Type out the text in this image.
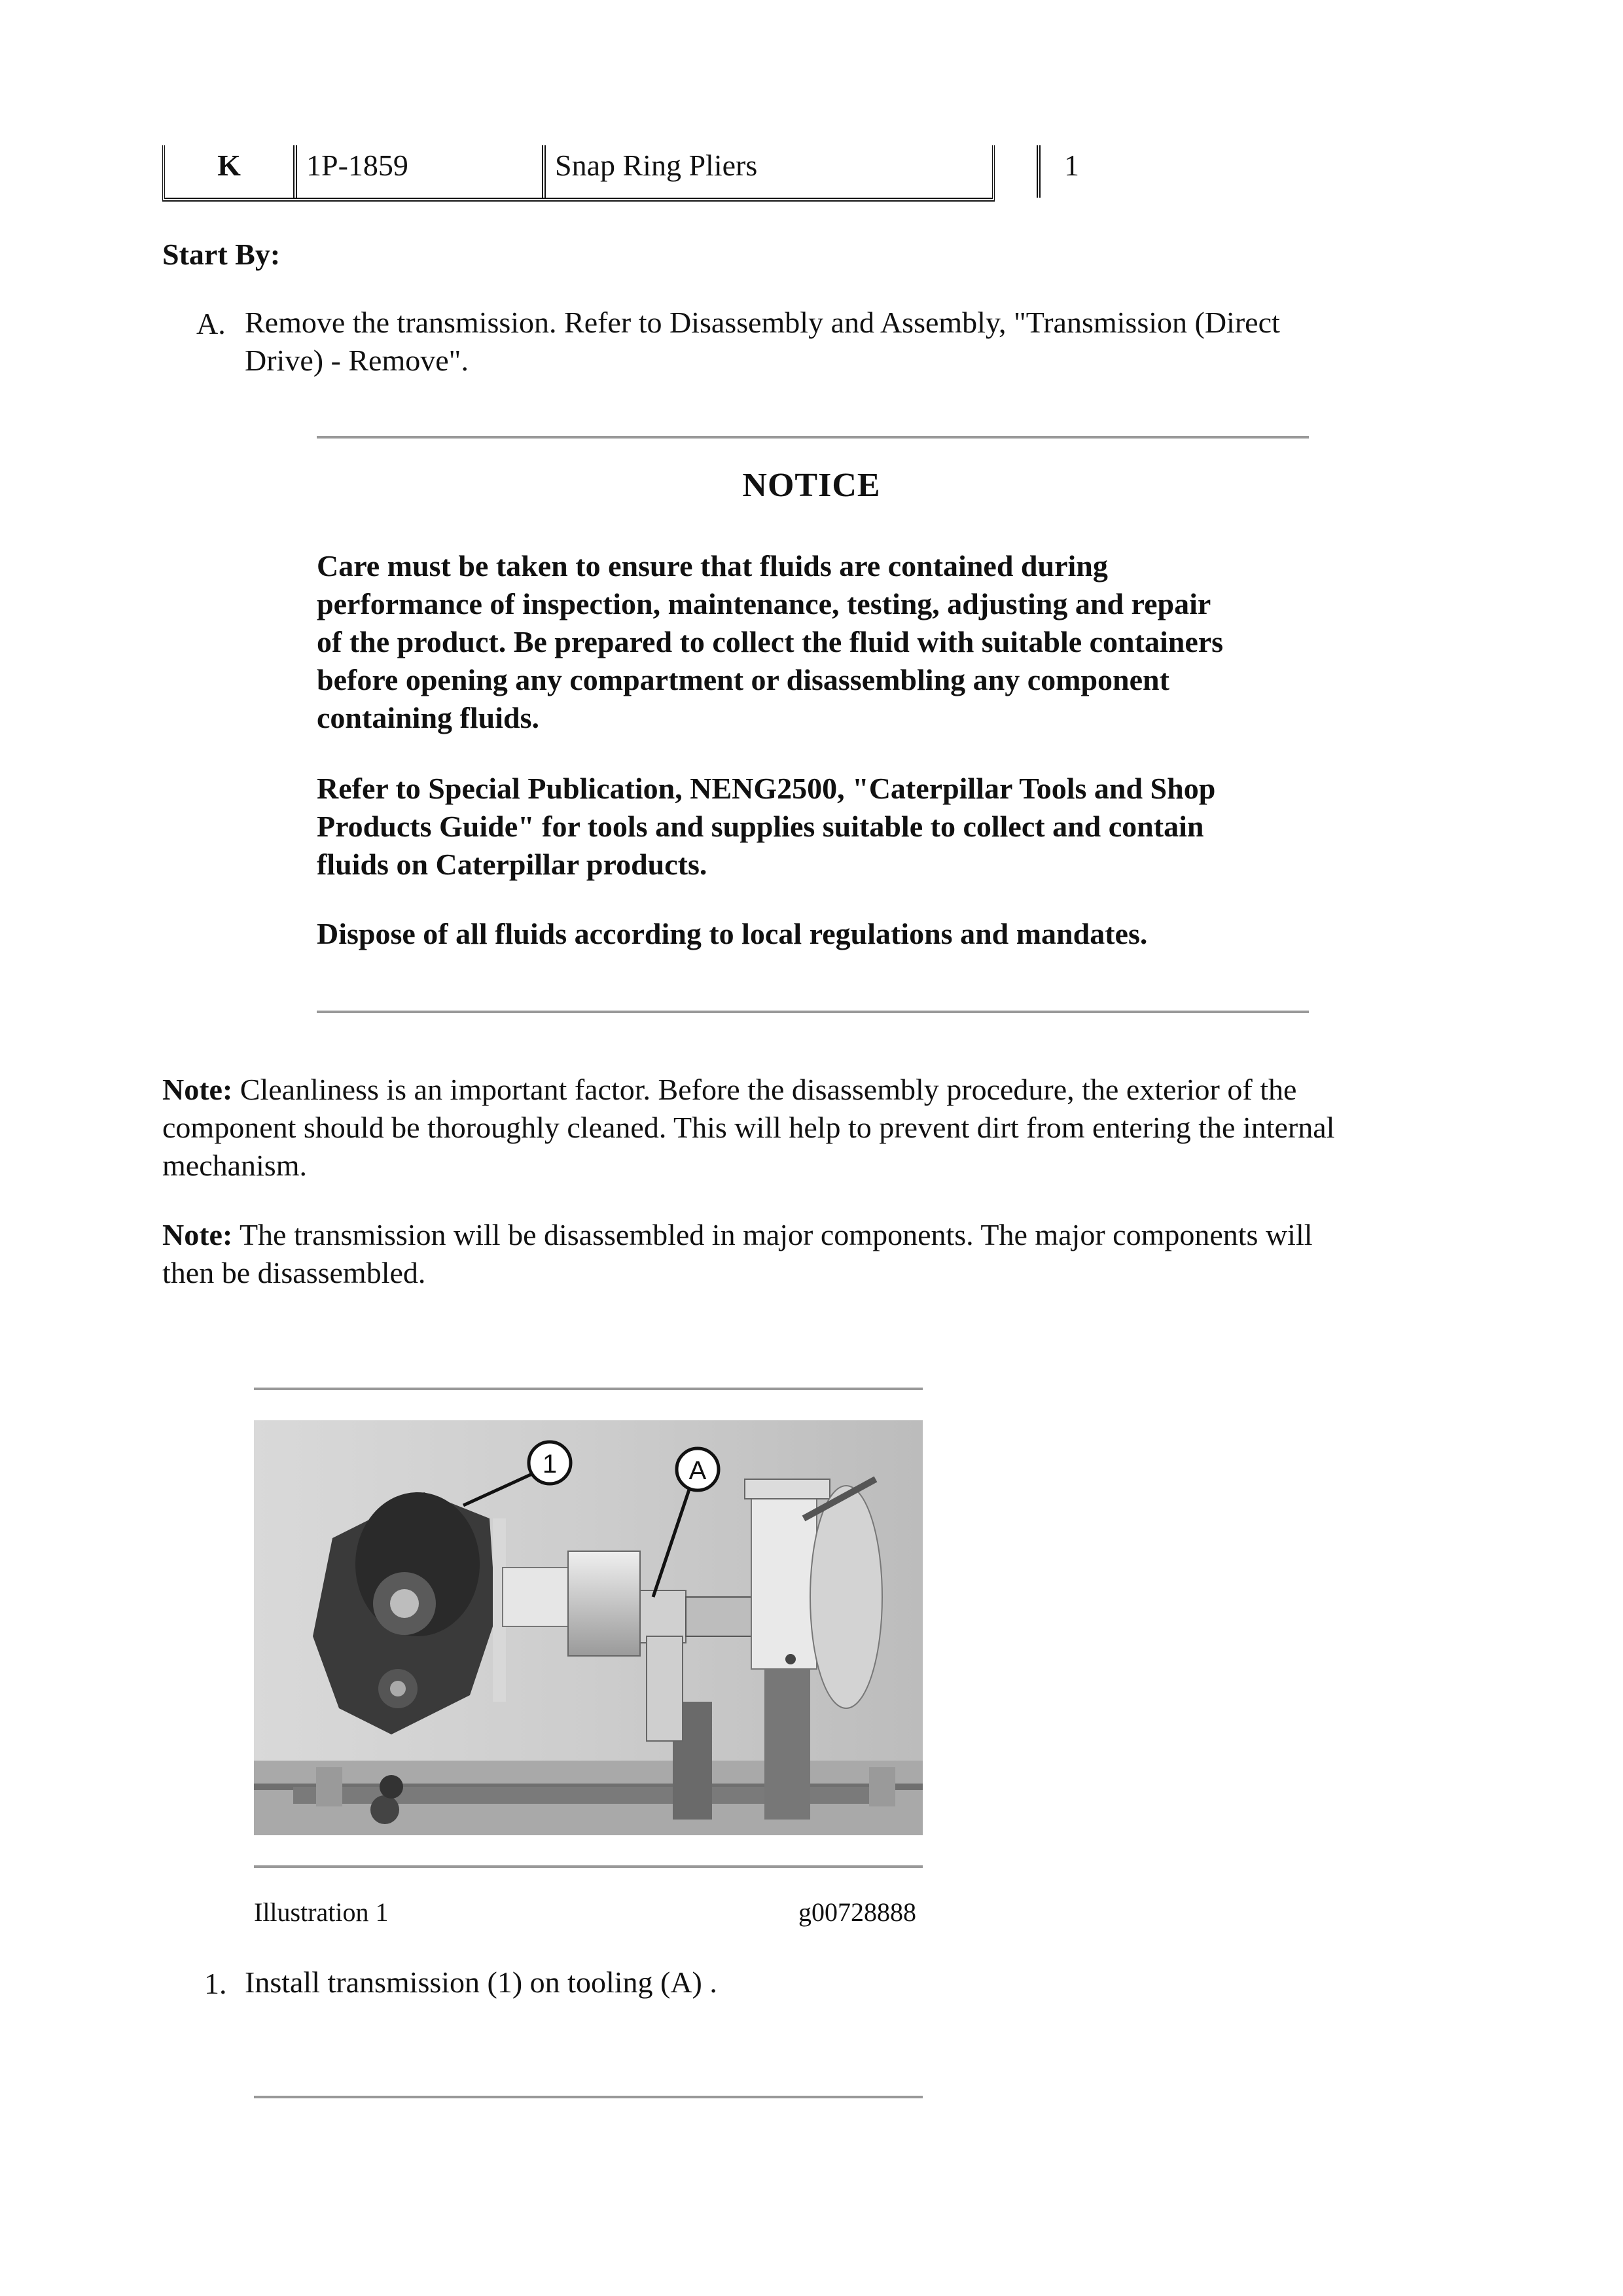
K	1P-1859	Snap Ring Pliers	1
Start By:
A. Remove the transmission. Refer to Disassembly and Assembly, "Transmission (Direct
Drive) - Remove".
NOTICE
Care must be taken to ensure that fluids are contained during
performance of inspection, maintenance, testing, adjusting and repair
of the product. Be prepared to collect the fluid with suitable containers
before opening any compartment or disassembling any component
containing fluids.
Refer to Special Publication, NENG2500, "Caterpillar Tools and Shop
Products Guide" for tools and supplies suitable to collect and contain
fluids on Caterpillar products.
Dispose of all fluids according to local regulations and mandates.
Note: Cleanliness is an important factor. Before the disassembly procedure, the exterior of the
component should be thoroughly cleaned. This will help to prevent dirt from entering the internal
mechanism.
Note: The transmission will be disassembled in major components. The major components will
then be disassembled.
1	A
Illustration 1	g00728888
1. Install transmission (1) on tooling (A) .
